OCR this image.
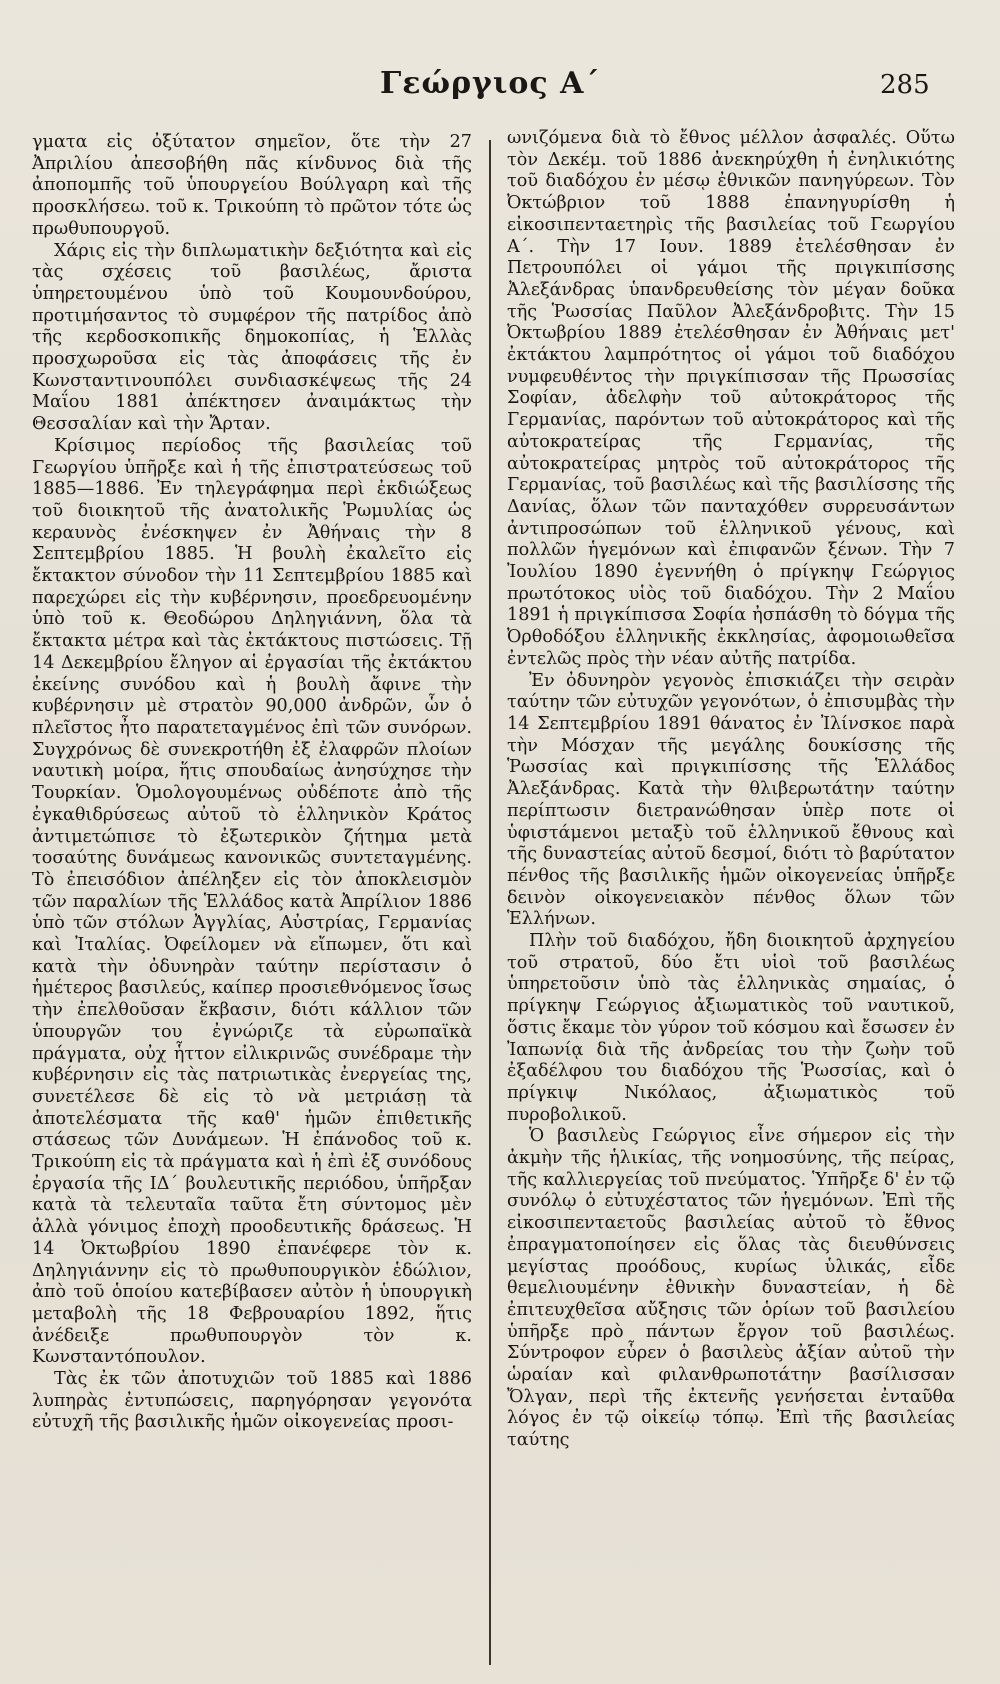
Γεώργιος Α΄	285

γματα εἰς ὀξύτατον σημεῖον, ὅτε τὴν 27 Ἀπριλίου ἀπεσοβήθη πᾶς κίνδυνος διὰ τῆς ἀποπομπῆς τοῦ ὑπουργείου Βούλγαρη καὶ τῆς προσκλήσεω. τοῦ κ. Τρικούπη τὸ πρῶτον τότε ὡς πρωθυπουργοῦ.

Χάρις εἰς τὴν διπλωματικὴν δεξιότητα καὶ εἰς τὰς σχέσεις τοῦ βασιλέως, ἄριστα ὑπηρετουμένου ὑπὸ τοῦ Κουμουνδούρου, προτιμήσαντος τὸ συμφέρον τῆς πατρίδος ἀπὸ τῆς κερδοσκοπικῆς δημοκοπίας, ἡ Ἑλλὰς προσχωροῦσα εἰς τὰς ἀποφάσεις τῆς ἐν Κωνσταντινουπόλει συνδιασκέψεως τῆς 24 Μαΐου 1881 ἀπέκτησεν ἀναιμάκτως τὴν Θεσσαλίαν καὶ τὴν Ἄρταν.

Κρίσιμος περίοδος τῆς βασιλείας τοῦ Γεωργίου ὑπῆρξε καὶ ἡ τῆς ἐπιστρατεύσεως τοῦ 1885—1886. Ἐν τηλεγράφημα περὶ ἐκδιώξεως τοῦ διοικητοῦ τῆς ἀνατολικῆς Ῥωμυλίας ὡς κεραυνὸς ἐνέσκηψεν ἐν Ἀθήναις τὴν 8 Σεπτεμβρίου 1885. Ἡ βουλὴ ἐκαλεῖτο εἰς ἔκτακτον σύνοδον τὴν 11 Σεπτεμβρίου 1885 καὶ παρεχώρει εἰς τὴν κυβέρνησιν, προεδρευομένην ὑπὸ τοῦ κ. Θεοδώρου Δηληγιάννη, ὅλα τὰ ἔκτακτα μέτρα καὶ τὰς ἐκτάκτους πιστώσεις. Τῇ 14 Δεκεμβρίου ἔληγον αἱ ἐργασίαι τῆς ἐκτάκτου ἐκείνης συνόδου καὶ ἡ βουλὴ ἄφινε τὴν κυβέρνησιν μὲ στρατὸν 90,000 ἀνδρῶν, ὧν ὁ πλεῖστος ἦτο παρατεταγμένος ἐπὶ τῶν συνόρων. Συγχρόνως δὲ συνεκροτήθη ἐξ ἐλαφρῶν πλοίων ναυτικὴ μοίρα, ἥτις σπουδαίως ἀνησύχησε τὴν Τουρκίαν. Ὁμολογουμένως οὐδέποτε ἀπὸ τῆς ἐγκαθιδρύσεως αὐτοῦ τὸ ἑλληνικὸν Κράτος ἀντιμετώπισε τὸ ἐξωτερικὸν ζήτημα μετὰ τοσαύτης δυνάμεως κανονικῶς συντεταγμένης. Τὸ ἐπεισόδιον ἀπέληξεν εἰς τὸν ἀποκλεισμὸν τῶν παραλίων τῆς Ἑλλάδος κατὰ Ἀπρίλιον 1886 ὑπὸ τῶν στόλων Ἀγγλίας, Αὐστρίας, Γερμανίας καὶ Ἰταλίας. Ὀφείλομεν νὰ εἴπωμεν, ὅτι καὶ κατὰ τὴν ὀδυνηρὰν ταύτην περίστασιν ὁ ἡμέτερος βασιλεύς, καίπερ προσιεθνόμενος ἴσως τὴν ἐπελθοῦσαν ἔκβασιν, διότι κάλλιον τῶν ὑπουργῶν του ἐγνώριζε τὰ εὐρωπαϊκὰ πράγματα, οὐχ ἧττον εἰλικρινῶς συνέδραμε τὴν κυβέρνησιν εἰς τὰς πατριωτικὰς ἐνεργείας της, συνετέλεσε δὲ εἰς τὸ νὰ μετριάσῃ τὰ ἀποτελέσματα τῆς καθ' ἡμῶν ἐπιθετικῆς στάσεως τῶν Δυνάμεων. Ἡ ἐπάνοδος τοῦ κ. Τρικούπη εἰς τὰ πράγματα καὶ ἡ ἐπὶ ἐξ συνόδους ἐργασία τῆς ΙΔ΄ βουλευτικῆς περιόδου, ὑπῆρξαν κατὰ τὰ τελευταῖα ταῦτα ἔτη σύντομος μὲν ἀλλὰ γόνιμος ἐποχὴ προοδευτικῆς δράσεως. Ἡ 14 Ὀκτωβρίου 1890 ἐπανέφερε τὸν κ. Δηληγιάννην εἰς τὸ πρωθυπουργικὸν ἑδώλιον, ἀπὸ τοῦ ὁποίου κατεβίβασεν αὐτὸν ἡ ὑπουργικὴ μεταβολὴ τῆς 18 Φεβρουαρίου 1892, ἥτις ἀνέδειξε πρωθυπουργὸν τὸν κ. Κωνσταντόπουλον.

Τὰς ἐκ τῶν ἀποτυχιῶν τοῦ 1885 καὶ 1886 λυπηρὰς ἐντυπώσεις, παρηγόρησαν γεγονότα εὐτυχῆ τῆς βασιλικῆς ἡμῶν οἰκογενείας προσι-

ωνιζόμενα διὰ τὸ ἔθνος μέλλον ἀσφαλές. Οὕτω τὸν Δεκέμ. τοῦ 1886 ἀνεκηρύχθη ἡ ἐνηλικιότης τοῦ διαδόχου ἐν μέσῳ ἐθνικῶν πανηγύρεων. Τὸν Ὀκτώβριον τοῦ 1888 ἐπανηγυρίσθη ἡ εἰκοσιπενταετηρὶς τῆς βασιλείας τοῦ Γεωργίου Α΄. Τὴν 17 Ιουν. 1889 ἐτελέσθησαν ἐν Πετρουπόλει οἱ γάμοι τῆς πριγκιπίσσης Ἀλεξάνδρας ὑπανδρευθείσης τὸν μέγαν δοῦκα τῆς Ῥωσσίας Παῦλον Ἀλεξάνδροβιτς. Τὴν 15 Ὀκτωβρίου 1889 ἐτελέσθησαν ἐν Ἀθήναις μετ' ἐκτάκτου λαμπρότητος οἱ γάμοι τοῦ διαδόχου νυμφευθέντος τὴν πριγκίπισσαν τῆς Πρωσσίας Σοφίαν, ἀδελφὴν τοῦ αὐτοκράτορος τῆς Γερμανίας, παρόντων τοῦ αὐτοκράτορος καὶ τῆς αὐτοκρατείρας τῆς Γερμανίας, τῆς αὐτοκρατείρας μητρὸς τοῦ αὐτοκράτορος τῆς Γερμανίας, τοῦ βασιλέως καὶ τῆς βασιλίσσης τῆς Δανίας, ὅλων τῶν πανταχόθεν συρρευσάντων ἀντιπροσώπων τοῦ ἑλληνικοῦ γένους, καὶ πολλῶν ἡγεμόνων καὶ ἐπιφανῶν ξένων. Τὴν 7 Ἰουλίου 1890 ἐγεννήθη ὁ πρίγκηψ Γεώργιος πρωτότοκος υἱὸς τοῦ διαδόχου. Τὴν 2 Μαΐου 1891 ἡ πριγκίπισσα Σοφία ἠσπάσθη τὸ δόγμα τῆς Ὀρθοδόξου ἑλληνικῆς ἐκκλησίας, ἀφομοιωθεῖσα ἐντελῶς πρὸς τὴν νέαν αὐτῆς πατρίδα.

Ἐν ὀδυνηρὸν γεγονὸς ἐπισκιάζει τὴν σειρὰν ταύτην τῶν εὐτυχῶν γεγονότων, ὁ ἐπισυμβὰς τὴν 14 Σεπτεμβρίου 1891 θάνατος ἐν Ἰλίνσκοε παρὰ τὴν Μόσχαν τῆς μεγάλης δουκίσσης τῆς Ῥωσσίας καὶ πριγκιπίσσης τῆς Ἑλλάδος Ἀλεξάνδρας. Κατὰ τὴν θλιβερωτάτην ταύτην περίπτωσιν διετρανώθησαν ὑπὲρ ποτε οἱ ὑφιστάμενοι μεταξὺ τοῦ ἑλληνικοῦ ἔθνους καὶ τῆς δυναστείας αὐτοῦ δεσμοί, διότι τὸ βαρύτατον πένθος τῆς βασιλικῆς ἡμῶν οἰκογενείας ὑπῆρξε δεινὸν οἰκογενειακὸν πένθος ὅλων τῶν Ἑλλήνων.

Πλὴν τοῦ διαδόχου, ἤδη διοικητοῦ ἀρχηγείου τοῦ στρατοῦ, δύο ἔτι υἱοὶ τοῦ βασιλέως ὑπηρετοῦσιν ὑπὸ τὰς ἑλληνικὰς σημαίας, ὁ πρίγκηψ Γεώργιος ἀξιωματικὸς τοῦ ναυτικοῦ, ὅστις ἔκαμε τὸν γύρον τοῦ κόσμου καὶ ἔσωσεν ἐν Ἰαπωνίᾳ διὰ τῆς ἀνδρείας του τὴν ζωὴν τοῦ ἐξαδέλφου του διαδόχου τῆς Ῥωσσίας, καὶ ὁ πρίγκιψ Νικόλαος, ἀξιωματικὸς τοῦ πυροβολικοῦ.

Ὁ βασιλεὺς Γεώργιος εἶνε σήμερον εἰς τὴν ἀκμὴν τῆς ἡλικίας, τῆς νοημοσύνης, τῆς πείρας, τῆς καλλιεργείας τοῦ πνεύματος. Ὑπῆρξε δ' ἐν τῷ συνόλῳ ὁ εὐτυχέστατος τῶν ἡγεμόνων. Ἐπὶ τῆς εἰκοσιπενταετοῦς βασιλείας αὐτοῦ τὸ ἔθνος ἐπραγματοποίησεν εἰς ὅλας τὰς διευθύνσεις μεγίστας προόδους, κυρίως ὑλικάς, εἶδε θεμελιουμένην ἐθνικὴν δυναστείαν, ἡ δὲ ἐπιτευχθεῖσα αὔξησις τῶν ὁρίων τοῦ βασιλείου ὑπῆρξε πρὸ πάντων ἔργον τοῦ βασιλέως. Σύντροφον εὗρεν ὁ βασιλεὺς ἀξίαν αὐτοῦ τὴν ὡραίαν καὶ φιλανθρωποτάτην βασίλισσαν Ὄλγαν, περὶ τῆς ἐκτενῆς γενήσεται ἐνταῦθα λόγος ἐν τῷ οἰκείῳ τόπῳ. Ἐπὶ τῆς βασιλείας ταύτης
